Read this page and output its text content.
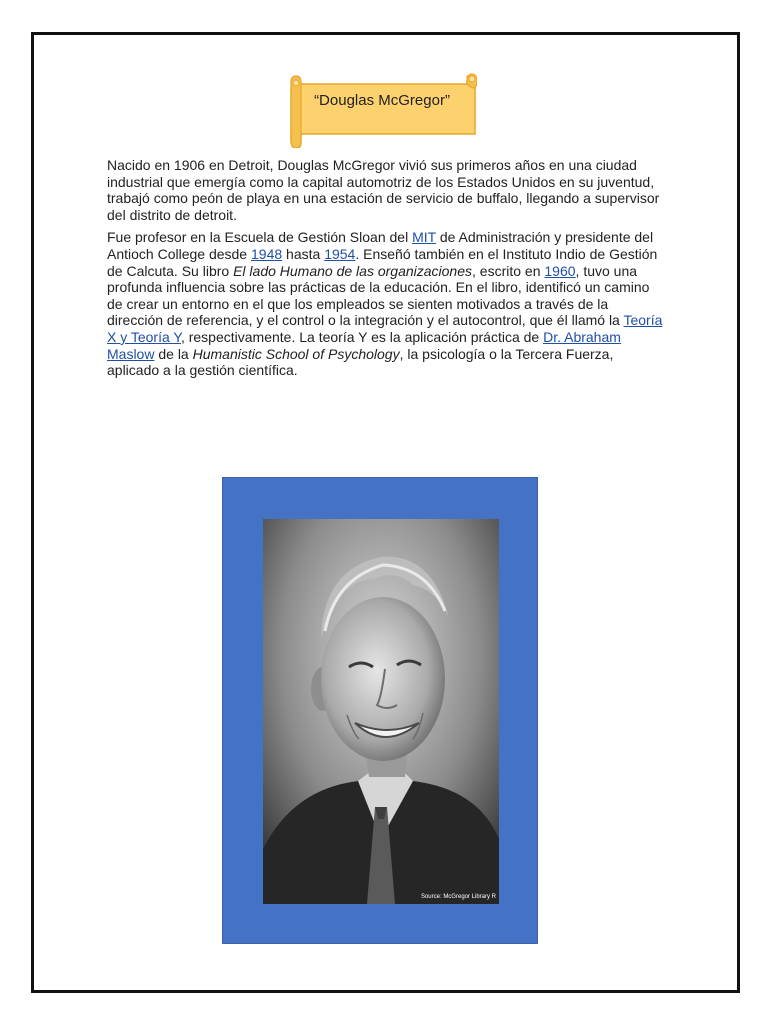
“Douglas McGregor”

Nacido en 1906 en Detroit, Douglas McGregor vivió sus primeros años en una ciudad industrial que emergía como la capital automotriz de los Estados Unidos en su juventud, trabajó como peón de playa en una estación de servicio de buffalo, llegando a supervisor del distrito de detroit.

Fue profesor en la Escuela de Gestión Sloan del MIT de Administración y presidente del Antioch College desde 1948 hasta 1954. Enseñó también en el Instituto Indio de Gestión de Calcuta. Su libro El lado Humano de las organizaciones, escrito en 1960, tuvo una profunda influencia sobre las prácticas de la educación. En el libro, identificó un camino de crear un entorno en el que los empleados se sienten motivados a través de la dirección de referencia, y el control o la integración y el autocontrol, que él llamó la Teoría X y Teoría Y, respectivamente. La teoría Y es la aplicación práctica de Dr. Abraham Maslow de la Humanistic School of Psychology, la psicología o la Tercera Fuerza, aplicado a la gestión científica.

Source: McGregor Library R
